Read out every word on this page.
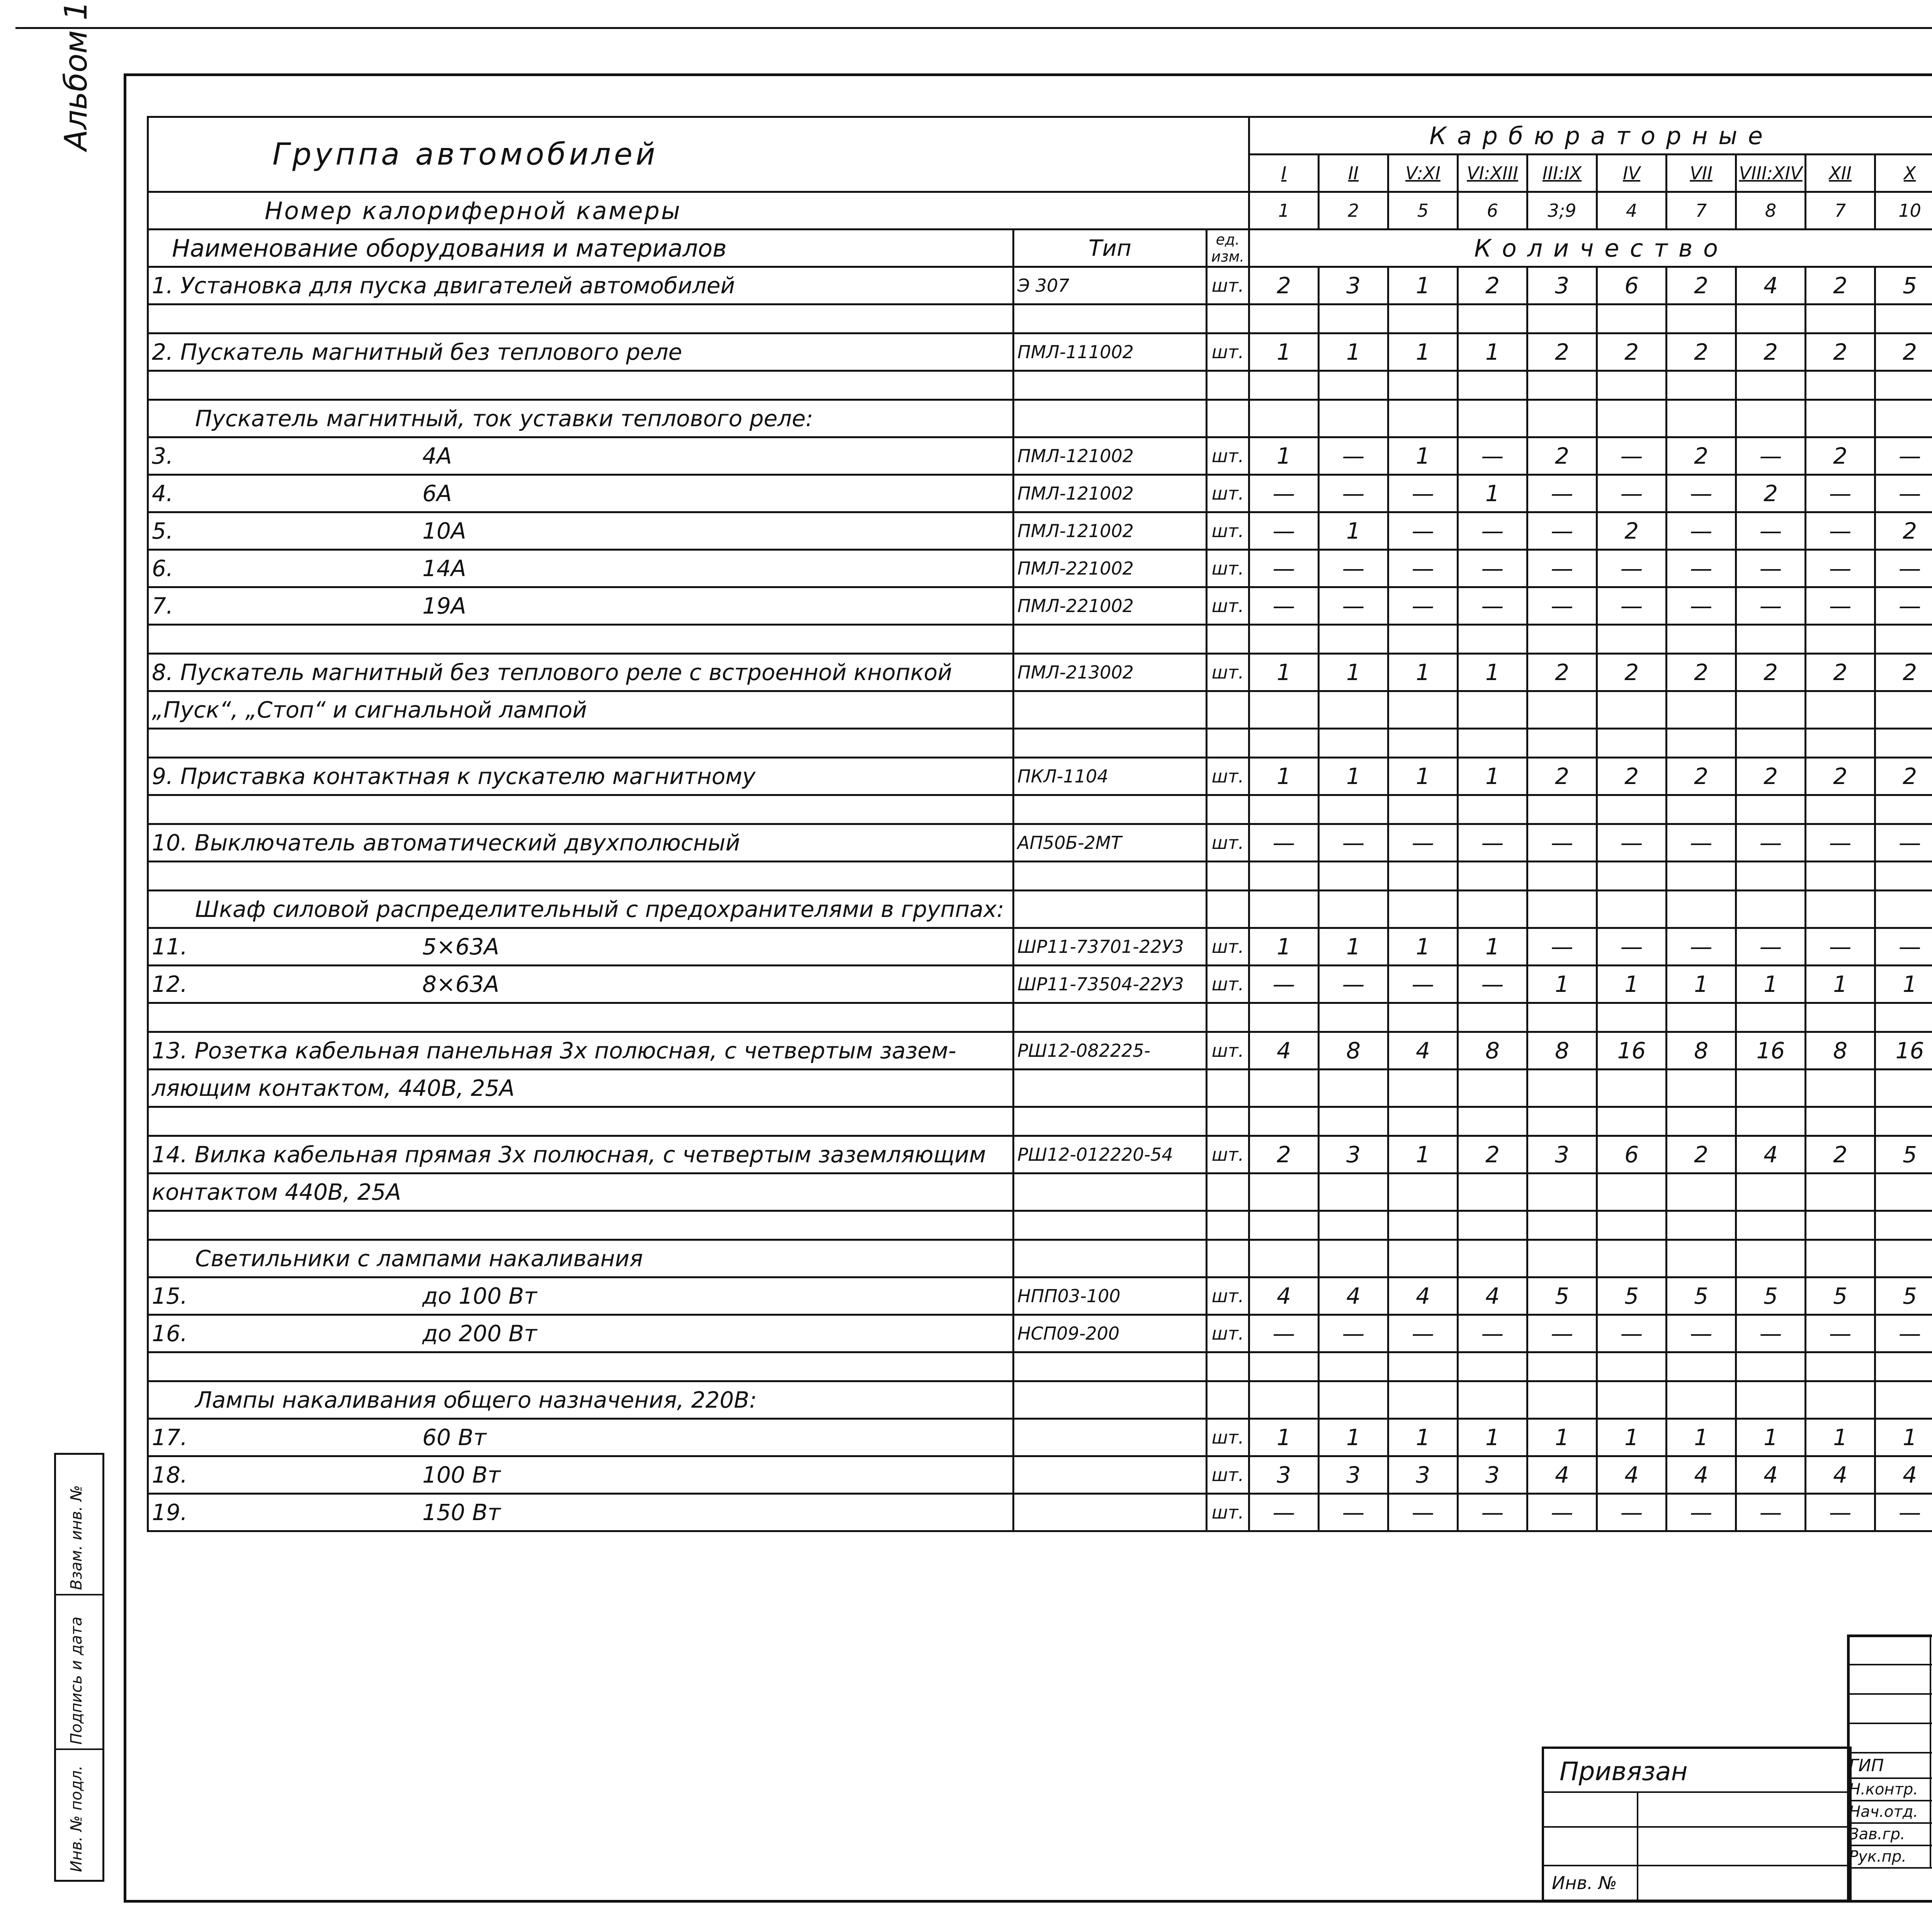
Альбом 1
Взам. инв. №
Подпись и дата
Инв. № подл.
Группа автомобилей			К а р б ю р а т о р н ы е		
			I	II	V:XI	VI:XIII	III:IX	IV	VII	VIII:XIV	XII	X									
Номер калориферной камеры			1	2	5	6	3;9	4	7	8	7	10									
Наименование оборудования и материалов	Тип	ед. изм.	К о л и ч е с т в о	
1. Установка для пуска двигателей автомобилей	Э 307	шт.	2	3	1	2	3	6	2	4	2	5										

2. Пускатель магнитный без теплового реле	ПМЛ-111002	шт.	1	1	1	1	2	2	2	2	2	2										

Пускатель магнитный, ток уставки теплового реле:																						
3. 4А	ПМЛ-121002	шт.	1	—	1	—	2	—	2	—	2	—										
4. 6А	ПМЛ-121002	шт.	—	—	—	1	—	—	—	2	—	—										
5. 10А	ПМЛ-121002	шт.	—	1	—	—	—	2	—	—	—	2										
6. 14А	ПМЛ-221002	шт.	—	—	—	—	—	—	—	—	—	—										
7. 19А	ПМЛ-221002	шт.	—	—	—	—	—	—	—	—	—	—										

8. Пускатель магнитный без теплового реле с встроенной кнопкой	ПМЛ-213002	шт.	1	1	1	1	2	2	2	2	2	2										
„Пуск“, „Стоп“ и сигнальной лампой																						

9. Приставка контактная к пускателю магнитному	ПКЛ-1104	шт.	1	1	1	1	2	2	2	2	2	2										

10. Выключатель автоматический двухполюсный	АП50Б-2МТ	шт.	—	—	—	—	—	—	—	—	—	—										

Шкаф силовой распределительный с предохранителями в группах:																						
11. 5×63А	ШР11-73701-22У3	шт.	1	1	1	1	—	—	—	—	—	—										
12. 8×63А	ШР11-73504-22У3	шт.	—	—	—	—	1	1	1	1	1	1										

13. Розетка кабельная панельная 3х полюсная, с четвертым зазем-	РШ12-082225-	шт.	4	8	4	8	8	16	8	16	8	16										
ляющим контактом, 440В, 25А																						

14. Вилка кабельная прямая 3х полюсная, с четвертым заземляющим	РШ12-012220-54	шт.	2	3	1	2	3	6	2	4	2	5										
контактом 440В, 25А																						

Светильники с лампами накаливания																						
15. до 100 Вт	НПП03-100	шт.	4	4	4	4	5	5	5	5	5	5										
16. до 200 Вт	НСП09-200	шт.	—	—	—	—	—	—	—	—	—	—										

Лампы накаливания общего назначения, 220В:																						
17. 60 Вт		шт.	1	1	1	1	1	1	1	1	1	1										
18. 100 Вт		шт.	3	3	3	3	4	4	4	4	4	4										
19. 150 Вт		шт.	—	—	—	—	—	—	—	—	—	—										

Привязан
Инв. №

ГИП			
Н.контр.			
Нач.отд.			
Зав.гр.			
Рук.пр.			
